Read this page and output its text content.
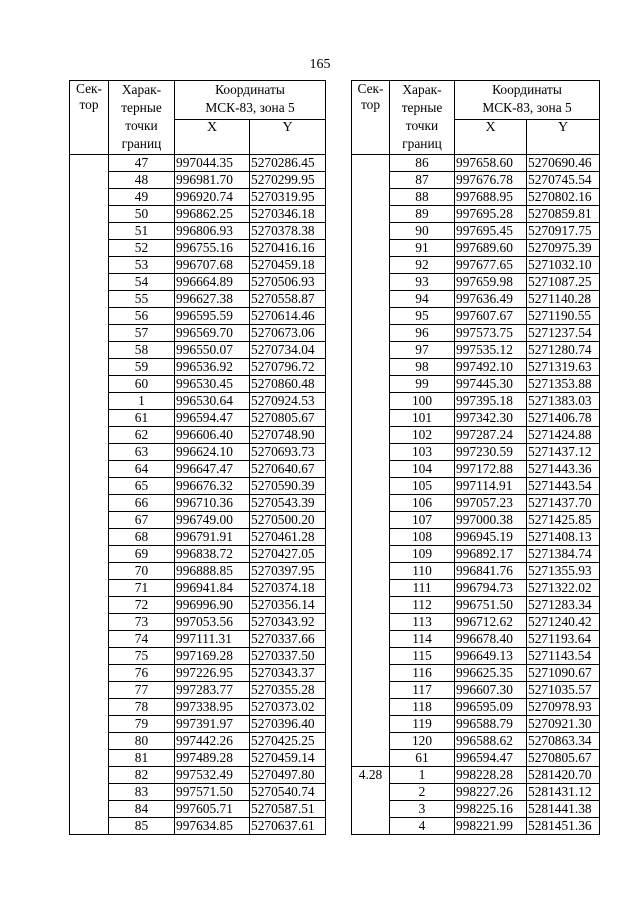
165
Сек-
тор	Харак-
терные
точки
границ	Координаты
МСК-83, зона 5	
		X	Y
	47	997044.35	5270286.45
	48	996981.70	5270299.95
	49	996920.74	5270319.95
	50	996862.25	5270346.18
	51	996806.93	5270378.38
	52	996755.16	5270416.16
	53	996707.68	5270459.18
	54	996664.89	5270506.93
	55	996627.38	5270558.87
	56	996595.59	5270614.46
	57	996569.70	5270673.06
	58	996550.07	5270734.04
	59	996536.92	5270796.72
	60	996530.45	5270860.48
	1	996530.64	5270924.53
	61	996594.47	5270805.67
	62	996606.40	5270748.90
	63	996624.10	5270693.73
	64	996647.47	5270640.67
	65	996676.32	5270590.39
	66	996710.36	5270543.39
	67	996749.00	5270500.20
	68	996791.91	5270461.28
	69	996838.72	5270427.05
	70	996888.85	5270397.95
	71	996941.84	5270374.18
	72	996996.90	5270356.14
	73	997053.56	5270343.92
	74	997111.31	5270337.66
	75	997169.28	5270337.50
	76	997226.95	5270343.37
	77	997283.77	5270355.28
	78	997338.95	5270373.02
	79	997391.97	5270396.40
	80	997442.26	5270425.25
	81	997489.28	5270459.14
	82	997532.49	5270497.80
	83	997571.50	5270540.74
	84	997605.71	5270587.51
	85	997634.85	5270637.61
Сек-
тор	Харак-
терные
точки
границ	Координаты
МСК-83, зона 5	
		X	Y
	86	997658.60	5270690.46
	87	997676.78	5270745.54
	88	997688.95	5270802.16
	89	997695.28	5270859.81
	90	997695.45	5270917.75
	91	997689.60	5270975.39
	92	997677.65	5271032.10
	93	997659.98	5271087.25
	94	997636.49	5271140.28
	95	997607.67	5271190.55
	96	997573.75	5271237.54
	97	997535.12	5271280.74
	98	997492.10	5271319.63
	99	997445.30	5271353.88
	100	997395.18	5271383.03
	101	997342.30	5271406.78
	102	997287.24	5271424.88
	103	997230.59	5271437.12
	104	997172.88	5271443.36
	105	997114.91	5271443.54
	106	997057.23	5271437.70
	107	997000.38	5271425.85
	108	996945.19	5271408.13
	109	996892.17	5271384.74
	110	996841.76	5271355.93
	111	996794.73	5271322.02
	112	996751.50	5271283.34
	113	996712.62	5271240.42
	114	996678.40	5271193.64
	115	996649.13	5271143.54
	116	996625.35	5271090.67
	117	996607.30	5271035.57
	118	996595.09	5270978.93
	119	996588.79	5270921.30
	120	996588.62	5270863.34
	61	996594.47	5270805.67
4.28	1	998228.28	5281420.70
	2	998227.26	5281431.12
	3	998225.16	5281441.38
	4	998221.99	5281451.36
